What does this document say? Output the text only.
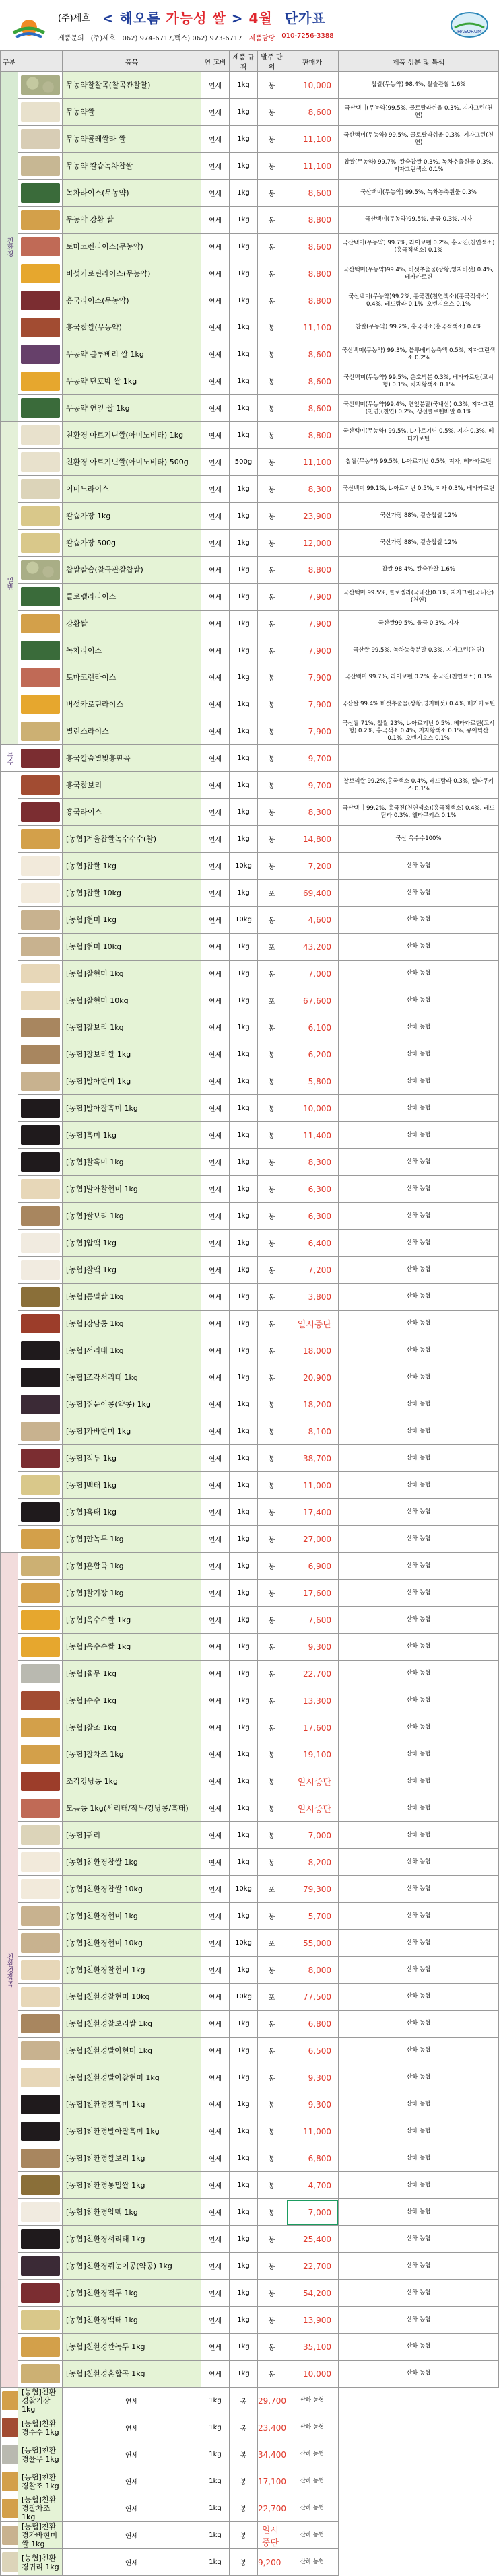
(주)세호 < 해오름 가능성 쌀 > 4월 단가표
제품문의 (주)세호 062) 974-6717,팩스) 062) 973-6717 제품담당 010-7256-3388
HAEORUM
구분		품목	연 교비	제품 규격	발주 단위	판매가	제품 성분 및 특색
친환경		무농약찰찰곡(찰곡관찰찰)	연세	1kg	봉	10,000	찹쌀(무농약) 98.4%, 찰슬관찰 1.6%

		무농약쌀	연세	1kg	봉	8,600	국산백미(무농약)99.5%, 콜로탈라쉬올 0.3%, 지자그린(천연)

		무농약콜레쌀라 쌀	연세	1kg	봉	11,100	국산백미(무농약) 99.5%, 콜로탈라쉬올 0.3%, 지자그린(천연)

		무농약 칼슘녹차찹쌀	연세	1kg	봉	11,100	찹쌀(무농약) 99.7%, 칼슘찹쌀 0.3%, 녹차추출원물 0.3%, 지자그린색소 0.1%

		녹차라이스(무농약)	연세	1kg	봉	8,600	국산백미(무농약) 99.5%, 녹차농축원물 0.3%

		무농약 강황 쌀	연세	1kg	봉	8,800	국산백미(무농약)99.5%, 울금 0.3%, 지자

		토마코렌라이스(무농약)	연세	1kg	봉	8,600	국산백미(무농약) 99.7%, 라이코펜 0.2%, 홍국진(천연색소)(홍국적색소) 0.1%

		버섯카로틴라이스(무농약)	연세	1kg	봉	8,800	국산백미(무농약)99.4%, 버섯추출물(상황,영지버섯) 0.4%, 베카카로틴

		흥국라이스(무농약)	연세	1kg	봉	8,800	국산백미(무농약)99.2%, 홍국진(천연색소)(홍국적색소) 0.4%, 레드탐라 0.1%, 오렌지오스 0.1%

		흥국찹쌀(무농약)	연세	1kg	봉	11,100	찹쌀(무농약) 99.2%, 홍국색소(홍국적색소) 0.4%

		무농약 블루베리 쌀 1kg	연세	1kg	봉	8,600	국산백미(무농약) 99.3%, 블루베리농축액 0.5%, 지자그린색소 0.2%

		무농약 단호박 쌀 1kg	연세	1kg	봉	8,600	국산백미(무농약) 99.5%, 운호박분 0.3%, 베타카로틴(고시형) 0.1%, 치자황색소 0.1%

		무농약 연잎 쌀 1kg	연세	1kg	봉	8,600	국산백미(무농약)99.4%, 연잎분말(국내산) 0.3%, 지자그린(천연)(천연) 0.2%, 생선클로렌바알 0.1%
일반		친환경 아르기닌쌀(아미노비타) 1kg	연세	1kg	봉	8,800	국산백미(무농약) 99.5%, L-아르기닌 0.5%, 지자 0.3%, 베타카로틴

		친환경 아르기닌쌀(아미노비타) 500g	연세	500g	봉	11,100	찹쌀(무농약) 99.5%, L-아르기닌 0.5%, 지자, 베타카로틴

		이미노라이스	연세	1kg	봉	8,300	국산백미 99.1%, L-아르기닌 0.5%, 지자 0.3%, 베타카로틴

		칼슘가장 1kg	연세	1kg	봉	23,900	국산가장 88%, 칼슘찹쌀 12%

		칼슘가장 500g	연세	1kg	봉	12,000	국산가장 88%, 칼슘찹쌀 12%

		찹쌀칼슘(찰곡관찰찹쌀)	연세	1kg	봉	8,800	찹쌀 98.4%, 칼슘관찰 1.6%

		클로렐라라이스	연세	1kg	봉	7,900	국산백미 99.5%, 클로렐라(국내산)0.3%, 지자그린(국내산)(천연)

		강황쌀	연세	1kg	봉	7,900	국산쌀99.5%, 울금 0.3%, 지자

		녹차라이스	연세	1kg	봉	7,900	국산쌀 99.5%, 녹차농축분말 0.3%, 지자그린(천연)

		토마코렌라이스	연세	1kg	봉	7,900	국산백미 99.7%, 라이코펜 0.2%, 홍국진(천연색소) 0.1%

		버섯카로틴라이스	연세	1kg	봉	7,900	국산쌀 99.4% 버섯추출물(상황,영지버섯) 0.4%, 베카카로틴

		별런스라이스	연세	1kg	봉	7,900	국산쌀 71%, 찹쌀 23%, L-아르기닌 0.5%, 베타카로틴(고시형) 0.2%, 홍국색소 0.4%, 지자황색소 0.1%, 큐어빅산 0.1%, 오렌지오스 0.1%
특수		흥국칼슘별빛흥판곡	연세	1kg	봉	9,700	

	흥국찹보리	연세	1kg	봉	9,700	찰보리쌀 99.2%,홍국색소 0.4%, 레드탐라 0.3%, 엘타쿠키스 0.1%

		흥국라이스	연세	1kg	봉	8,300	국산백미 99.2%, 홍국진(천연색소)(홍국적색소) 0.4%, 레드탐라 0.3%, 엘타쿠키스 0.1%

		[농협]겨울찹쌀녹수수수(찰)	연세	1kg	봉	14,800	국산 옥수수100%

		[농협]찹쌀 1kg	연세	10kg	봉	7,200	산하 농협

		[농협]찹쌀 10kg	연세	1kg	포	69,400	산하 농협

		[농협]현미 1kg	연세	10kg	봉	4,600	산하 농협

		[농협]현미 10kg	연세	1kg	포	43,200	산하 농협

		[농협]찰현미 1kg	연세	1kg	봉	7,000	산하 농협

		[농협]찰현미 10kg	연세	1kg	포	67,600	산하 농협

		[농협]찰보리 1kg	연세	1kg	봉	6,100	산하 농협

		[농협]찰보리쌀 1kg	연세	1kg	봉	6,200	산하 농협

		[농협]발아현미 1kg	연세	1kg	봉	5,800	산하 농협

		[농협]발아찰흑미 1kg	연세	1kg	봉	10,000	산하 농협

		[농협]흑미 1kg	연세	1kg	봉	11,400	산하 농협

		[농협]찰흑미 1kg	연세	1kg	봉	8,300	산하 농협

		[농협]발아찰현미 1kg	연세	1kg	봉	6,300	산하 농협

		[농협]쌀보리 1kg	연세	1kg	봉	6,300	산하 농협

		[농협]압맥 1kg	연세	1kg	봉	6,400	산하 농협

		[농협]찰맥 1kg	연세	1kg	봉	7,200	산하 농협

		[농협]통밀쌀 1kg	연세	1kg	봉	3,800	산하 농협

		[농협]강남콩 1kg	연세	1kg	봉	일시중단	산하 농협

		[농협]서리태 1kg	연세	1kg	봉	18,000	산하 농협

		[농협]조각서리태 1kg	연세	1kg	봉	20,900	산하 농협

		[농협]쥐눈이콩(약콩) 1kg	연세	1kg	봉	18,200	산하 농협

		[농협]가바현미 1kg	연세	1kg	봉	8,100	산하 농협

		[농협]적두 1kg	연세	1kg	봉	38,700	산하 농협

		[농협]백태 1kg	연세	1kg	봉	11,000	산하 농협

		[농협]흑태 1kg	연세	1kg	봉	17,400	산하 농협

		[농협]깐녹두 1kg	연세	1kg	봉	27,000	산하 농협
친환경잡곡		[농협]혼합곡 1kg	연세	1kg	봉	6,900	산하 농협

		[농협]찰기장 1kg	연세	1kg	봉	17,600	산하 농협

		[농협]옥수수쌀 1kg	연세	1kg	봉	7,600	산하 농협

		[농협]옥수수쌀 1kg	연세	1kg	봉	9,300	산하 농협

		[농협]율무 1kg	연세	1kg	봉	22,700	산하 농협

		[농협]수수 1kg	연세	1kg	봉	13,300	산하 농협

		[농협]찰조 1kg	연세	1kg	봉	17,600	산하 농협

		[농협]찰차조 1kg	연세	1kg	봉	19,100	산하 농협

		조각강낭콩 1kg	연세	1kg	봉	일시중단	산하 농협

		모듬콩 1kg(서리태/적두/강낭콩/흑태)	연세	1kg	봉	일시중단	산하 농협

		[농협]귀리	연세	1kg	봉	7,000	산하 농협

		[농협]친환경찹쌀 1kg	연세	1kg	봉	8,200	산하 농협

		[농협]친환경찹쌀 10kg	연세	10kg	포	79,300	산하 농협

		[농협]친환경현미 1kg	연세	1kg	봉	5,700	산하 농협

		[농협]친환경현미 10kg	연세	10kg	포	55,000	산하 농협

		[농협]친환경찰현미 1kg	연세	1kg	봉	8,000	산하 농협

		[농협]친환경찰현미 10kg	연세	10kg	포	77,500	산하 농협

		[농협]친환경찰보리쌀 1kg	연세	1kg	봉	6,800	산하 농협

		[농협]친환경발아현미 1kg	연세	1kg	봉	6,500	산하 농협

		[농협]친환경발아찰현미 1kg	연세	1kg	봉	9,300	산하 농협

		[농협]친환경찰흑미 1kg	연세	1kg	봉	9,300	산하 농협

		[농협]친환경발아찰흑미 1kg	연세	1kg	봉	11,000	산하 농협

		[농협]친환경쌀보리 1kg	연세	1kg	봉	6,800	산하 농협

		[농협]친환경통밀쌀 1kg	연세	1kg	봉	4,700	산하 농협

		[농협]친환경압맥 1kg	연세	1kg	봉	7,000	산하 농협

		[농협]친환경서리태 1kg	연세	1kg	봉	25,400	산하 농협

		[농협]친환경쥐눈이콩(약콩) 1kg	연세	1kg	봉	22,700	산하 농협

		[농협]친환경적두 1kg	연세	1kg	봉	54,200	산하 농협

		[농협]친환경백태 1kg	연세	1kg	봉	13,900	산하 농협

		[농협]친환경깐녹두 1kg	연세	1kg	봉	35,100	산하 농협

		[농협]친환경혼합곡 1kg	연세	1kg	봉	10,000	산하 농협

	[농협]친환경찰기장 1kg	연세	1kg	봉	29,700	산하 농협	

	[농협]친환경수수 1kg	연세	1kg	봉	23,400	산하 농협	

	[농협]친환경율무 1kg	연세	1kg	봉	34,400	산하 농협	

	[농협]친환경찰조 1kg	연세	1kg	봉	17,100	산하 농협	

	[농협]친환경찰차조 1kg	연세	1kg	봉	22,700	산하 농협	

	[농협]친환경가바현미쌀 1kg	연세	1kg	봉	일시중단	산하 농협	

	[농협]친환경귀리 1kg	연세	1kg	봉	9,200	산하 농협	
